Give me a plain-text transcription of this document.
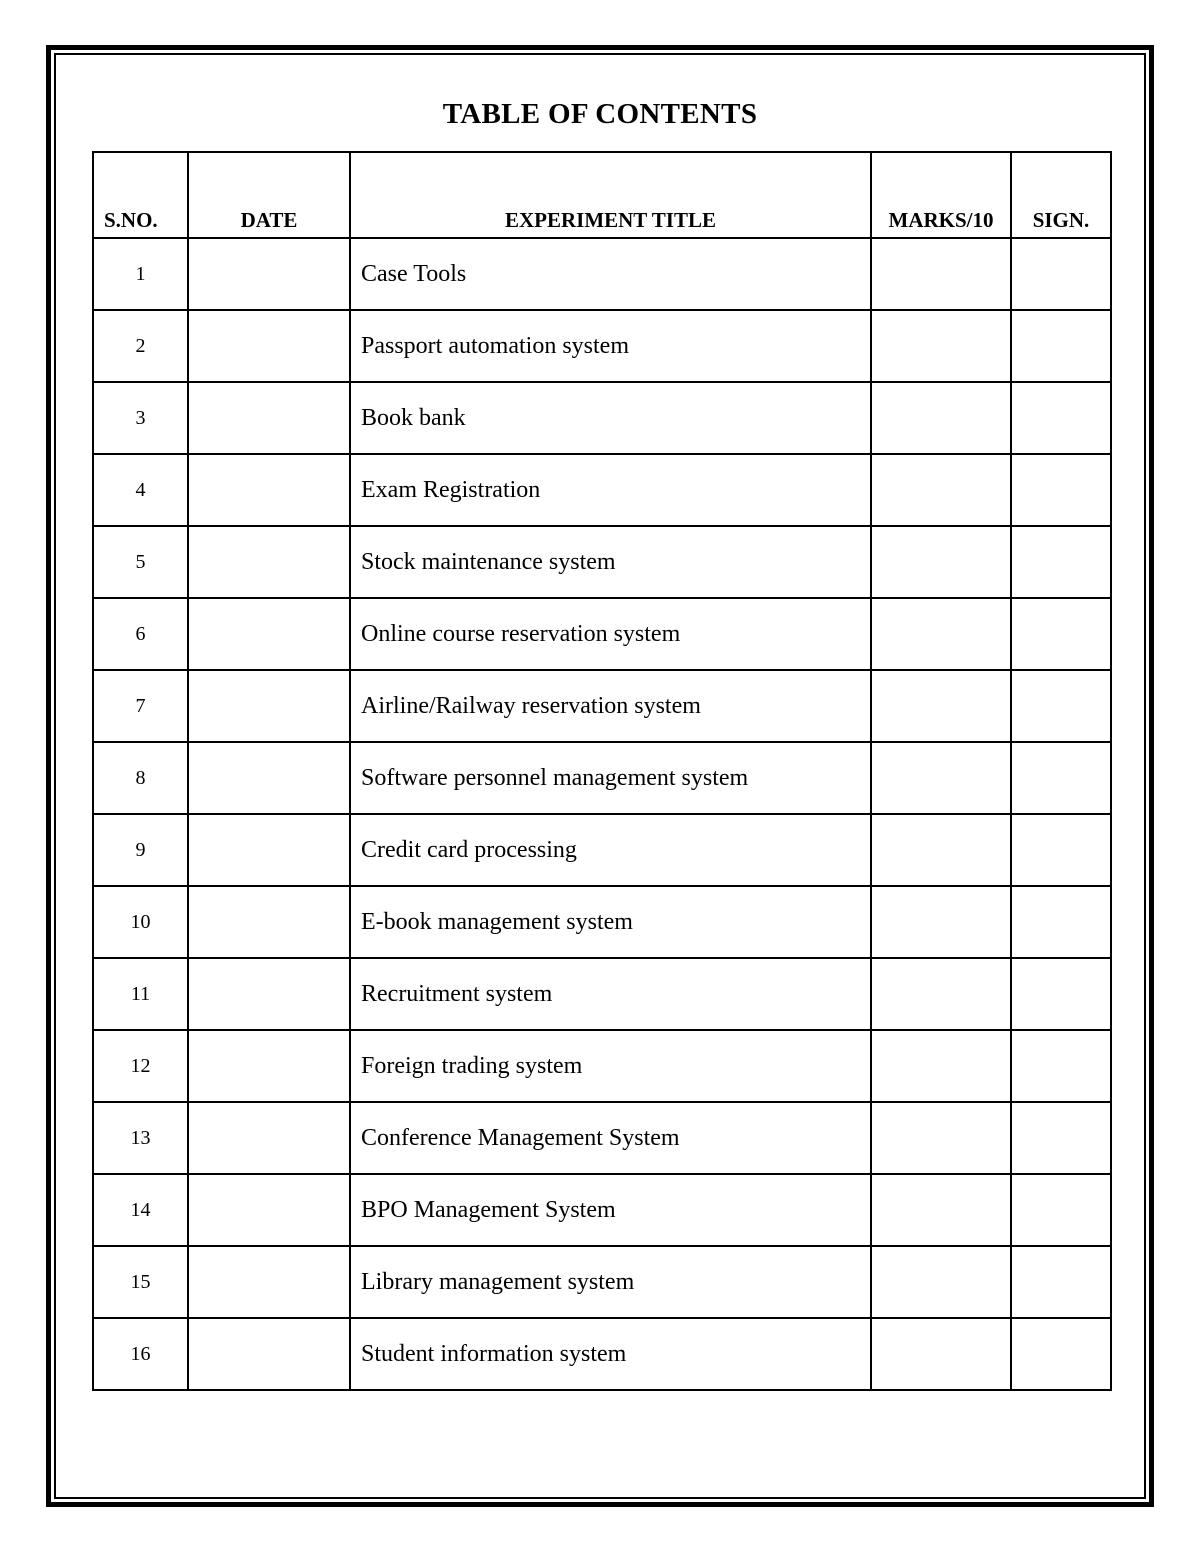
TABLE OF CONTENTS
S.NO.	DATE	EXPERIMENT TITLE	MARKS/10	SIGN.
1		Case Tools		
2		Passport automation system		
3		Book bank		
4		Exam Registration		
5		Stock maintenance system		
6		Online course reservation system		
7		Airline/Railway reservation system		
8		Software personnel management system		
9		Credit card processing		
10		E-book management system		
11		Recruitment system		
12		Foreign trading system		
13		Conference Management System		
14		BPO Management System		
15		Library management system		
16		Student information system		
